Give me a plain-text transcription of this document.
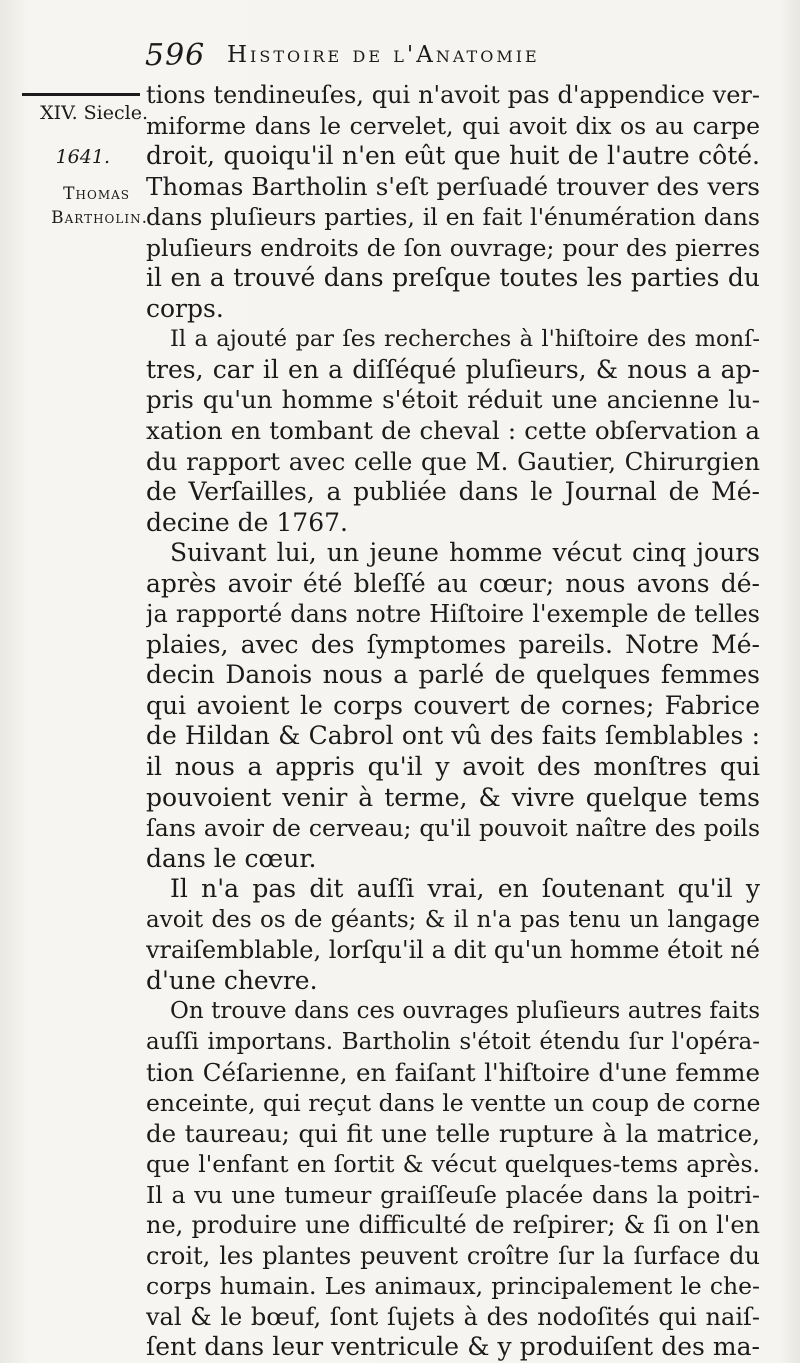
596 Histoire de l'Anatomie
XIV. Siecle.
1641.
Thomas
Bartholin.
tions tendineuſes, qui n'avoit pas d'appendice ver-
miforme dans le cervelet, qui avoit dix os au carpe
droit, quoiqu'il n'en eût que huit de l'autre côté.
Thomas Bartholin s'eſt perſuadé trouver des vers
dans pluſieurs parties, il en fait l'énumération dans
pluſieurs endroits de ſon ouvrage; pour des pierres
il en a trouvé dans preſque toutes les parties du
corps.
Il a ajouté par ſes recherches à l'hiſtoire des monſ-
tres, car il en a diſſéqué pluſieurs, & nous a ap-
pris qu'un homme s'étoit réduit une ancienne lu-
xation en tombant de cheval : cette obſervation a
du rapport avec celle que M. Gautier, Chirurgien
de Verſailles, a publiée dans le Journal de Mé-
decine de 1767.
Suivant lui, un jeune homme vécut cinq jours
après avoir été bleſſé au cœur; nous avons dé-
ja rapporté dans notre Hiſtoire l'exemple de telles
plaies, avec des ſymptomes pareils. Notre Mé-
decin Danois nous a parlé de quelques femmes
qui avoient le corps couvert de cornes; Fabrice
de Hildan & Cabrol ont vû des faits ſemblables :
il nous a appris qu'il y avoit des monſtres qui
pouvoient venir à terme, & vivre quelque tems
ſans avoir de cerveau; qu'il pouvoit naître des poils
dans le cœur.
Il n'a pas dit auſſi vrai, en ſoutenant qu'il y
avoit des os de géants; & il n'a pas tenu un langage
vraiſemblable, lorſqu'il a dit qu'un homme étoit né
d'une chevre.
On trouve dans ces ouvrages pluſieurs autres faits
auſſi importans. Bartholin s'étoit étendu ſur l'opéra-
tion Céſarienne, en faiſant l'hiſtoire d'une femme
enceinte, qui reçut dans le ventte un coup de corne
de taureau; qui fit une telle rupture à la matrice,
que l'enfant en ſortit & vécut quelques-tems après.
Il a vu une tumeur graiſſeuſe placée dans la poitri-
ne, produire une difficulté de reſpirer; & ſi on l'en
croit, les plantes peuvent croître ſur la ſurface du
corps humain. Les animaux, principalement le che-
val & le bœuf, ſont ſujets à des nodoſités qui naiſ-
ſent dans leur ventricule & y produiſent des ma-
